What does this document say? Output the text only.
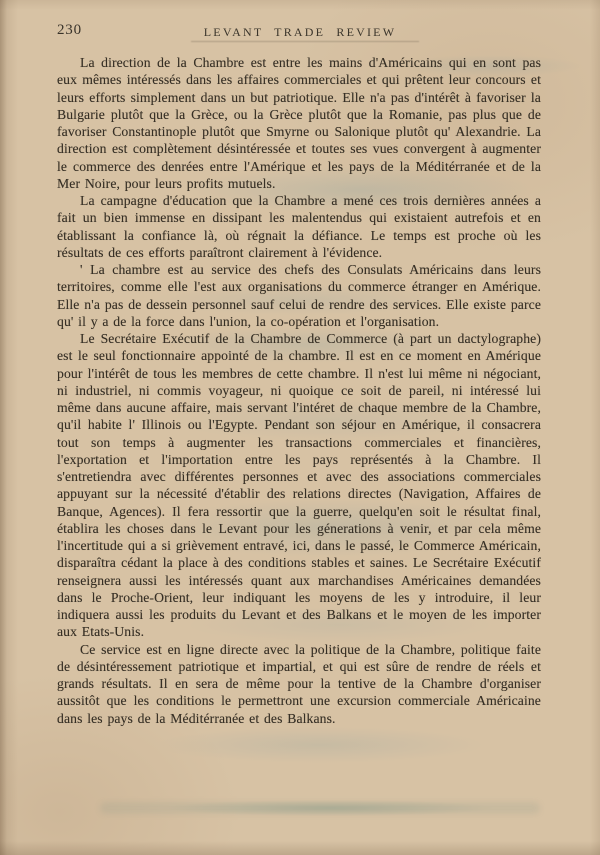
230	LEVANT TRADE REVIEW

La direction de la Chambre est entre les mains d'Américains qui en sont pas eux mêmes intéressés dans les affaires commerciales et qui prêtent leur concours et leurs efforts simplement dans un but patriotique. Elle n'a pas d'intérêt à favoriser la Bulgarie plutôt que la Grèce, ou la Grèce plutôt que la Romanie, pas plus que de favoriser Constantinople plutôt que Smyrne ou Salonique plutôt qu' Alexandrie. La direction est complètement désintéressée et toutes ses vues convergent à augmenter le commerce des denrées entre l'Amérique et les pays de la Méditérranée et de la Mer Noire, pour leurs profits mutuels.

La campagne d'éducation que la Chambre a mené ces trois dernières années a fait un bien immense en dissipant les malentendus qui existaient autrefois et en établissant la confiance là, où régnait la défiance. Le temps est proche où les résultats de ces efforts paraîtront clairement à l'évidence.

' La chambre est au service des chefs des Consulats Américains dans leurs territoires, comme elle l'est aux organisations du commerce étranger en Amérique. Elle n'a pas de dessein personnel sauf celui de rendre des services. Elle existe parce qu' il y a de la force dans l'union, la co-opération et l'organisation.

Le Secrétaire Exécutif de la Chambre de Commerce (à part un dactylographe) est le seul fonctionnaire appointé de la chambre. Il est en ce moment en Amérique pour l'intérêt de tous les membres de cette chambre. Il n'est lui même ni négociant, ni industriel, ni commis voyageur, ni quoique ce soit de pareil, ni intéressé lui même dans aucune affaire, mais servant l'intéret de chaque membre de la Chambre, qu'il habite l' Illinois ou l'Egypte. Pendant son séjour en Amérique, il consacrera tout son temps à augmenter les transactions commerciales et financières, l'exportation et l'importation entre les pays représentés à la Chambre. Il s'entretiendra avec différentes personnes et avec des associations commerciales appuyant sur la nécessité d'établir des relations directes (Navigation, Affaires de Banque, Agences). Il fera ressortir que la guerre, quelqu'en soit le résultat final, établira les choses dans le Levant pour les génerations à venir, et par cela même l'incertitude qui a si grièvement entravé, ici, dans le passé, le Commerce Américain, disparaîtra cédant la place à des conditions stables et saines. Le Secrétaire Exécutif renseignera aussi les intéressés quant aux marchandises Américaines demandées dans le Proche-Orient, leur indiquant les moyens de les y introduire, il leur indiquera aussi les produits du Levant et des Balkans et le moyen de les importer aux Etats-Unis.

Ce service est en ligne directe avec la politique de la Chambre, politique faite de désintéressement patriotique et impartial, et qui est sûre de rendre de réels et grands résultats. Il en sera de même pour la tentive de la Chambre d'organiser aussitôt que les conditions le permettront une excursion commerciale Américaine dans les pays de la Méditérranée et des Balkans.
